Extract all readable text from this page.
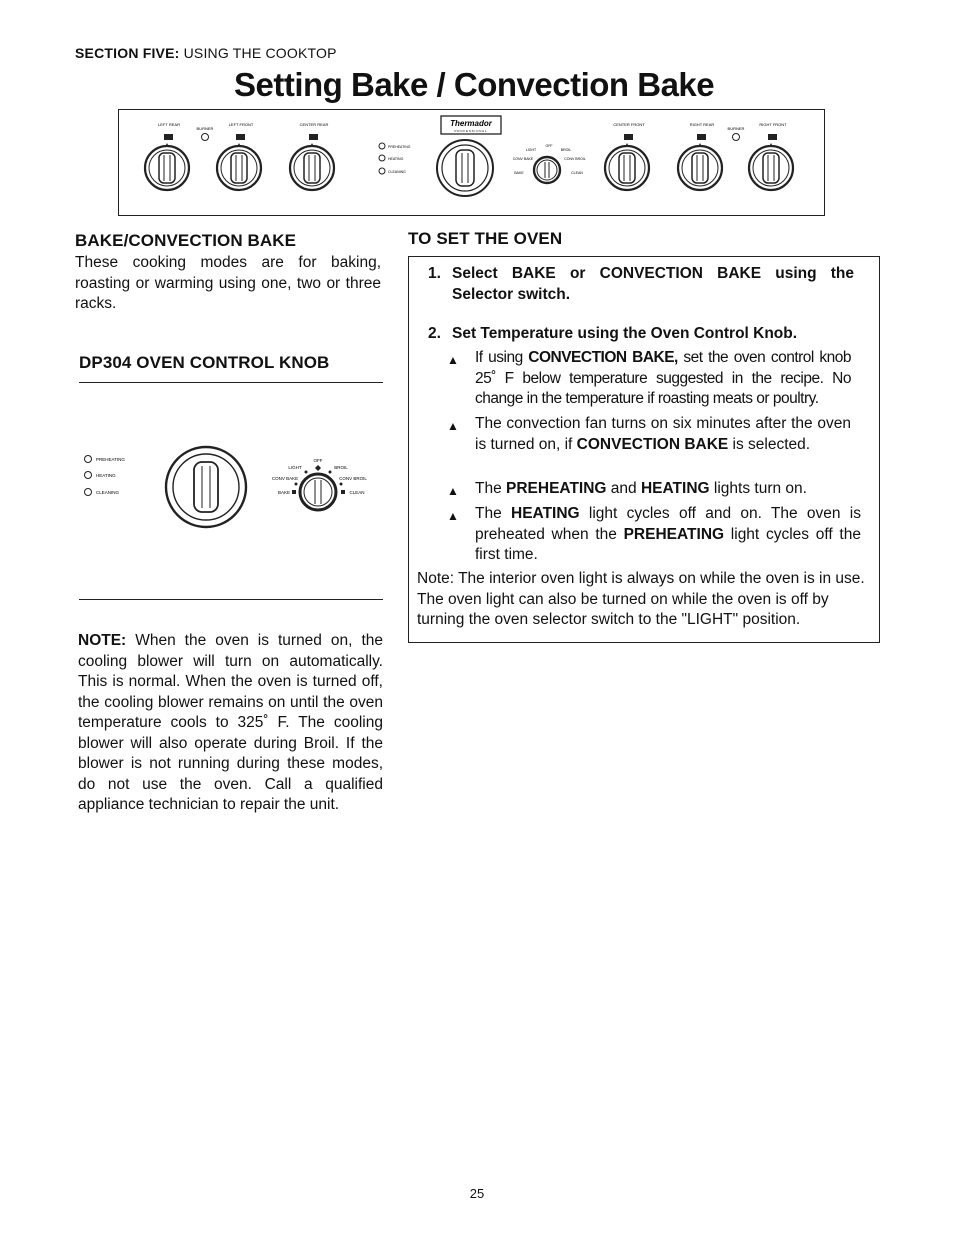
SECTION FIVE: USING THE COOKTOP
Setting Bake / Convection Bake
LEFT REAR
BURNER
LEFT FRONT	CENTER REAR
PREHEATING
HEATING
CLEANING
Thermador
PROFESSIONAL
OFF
LIGHT	BROIL
CONV BAKE	CONV BROIL
BAKE	CLEAN
CENTER FRONT	RIGHT REAR
BURNER
RIGHT FRONT
BAKE/CONVECTION BAKE
These cooking modes are for baking, roasting or warming using one, two or three racks.
DP304 OVEN CONTROL KNOB
PREHEATING
HEATING
CLEANING
OFF
LIGHT	BROIL
CONV BAKE	CONV BROIL
BAKE	CLEAN
NOTE: When the oven is turned on, the cooling blower will turn on automatically. This is normal. When the oven is turned off, the cooling blower remains on until the oven temperature cools to 325˚ F. The cooling blower will also operate during Broil. If the blower is not running during these modes, do not use the oven. Call a qualified appliance technician to repair the unit.
TO SET THE OVEN
1. Select BAKE or CONVECTION BAKE using the Selector switch.
2. Set Temperature using the Oven Control Knob.
▲ If using CONVECTION BAKE, set the oven control knob 25˚ F below temperature suggested in the recipe. No change in the temperature if roasting meats or poultry.
▲ The convection fan turns on six minutes after the oven is turned on, if CONVECTION BAKE is selected.
▲ The PREHEATING and HEATING lights turn on.
▲ The HEATING light cycles off and on. The oven is preheated when the PREHEATING light cycles off the first time.
Note: The interior oven light is always on while the oven is in use. The oven light can also be turned on while the oven is off by turning the oven selector switch to the "LIGHT" position.
25
